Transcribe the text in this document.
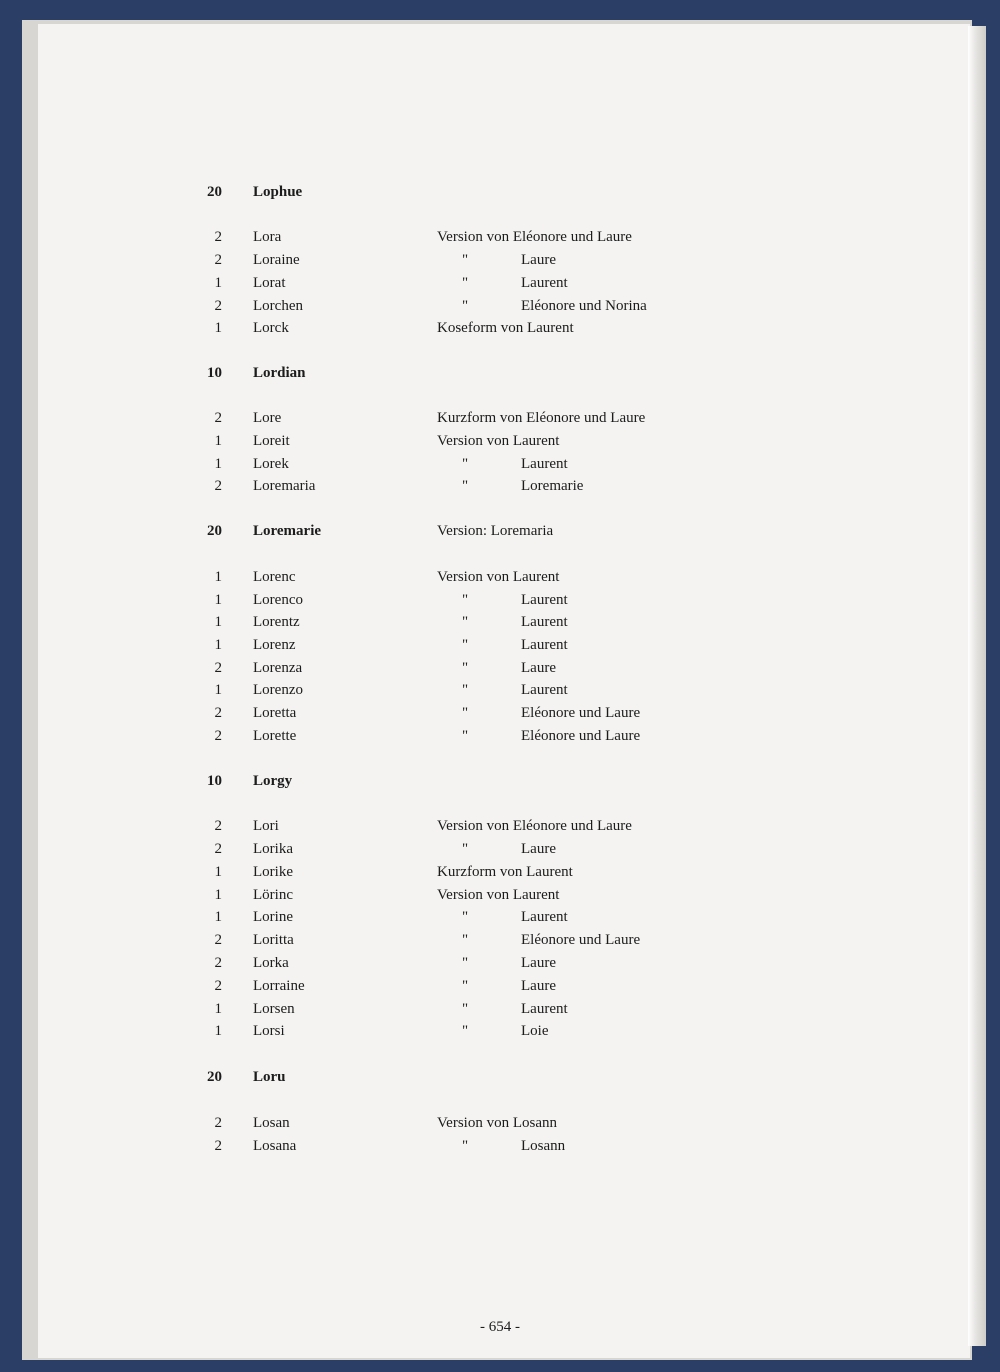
20 Lophue
2 Lora	Version von Eléonore und Laure
2 Loraine	"	Laure
1 Lorat	"	Laurent
2 Lorchen	"	Eléonore und Norina
1 Lorck	Koseform von Laurent
10 Lordian
2 Lore	Kurzform von Eléonore und Laure
1 Loreit	Version von Laurent
1 Lorek	"	Laurent
2 Loremaria	"	Loremarie
20 Loremarie	Version: Loremaria
1 Lorenc	Version von Laurent
1 Lorenco	"	Laurent
1 Lorentz	"	Laurent
1 Lorenz	"	Laurent
2 Lorenza	"	Laure
1 Lorenzo	"	Laurent
2 Loretta	"	Eléonore und Laure
2 Lorette	"	Eléonore und Laure
10 Lorgy
2 Lori	Version von Eléonore und Laure
2 Lorika	"	Laure
1 Lorike	Kurzform von Laurent
1 Lörinc	Version von Laurent
1 Lorine	"	Laurent
2 Loritta	"	Eléonore und Laure
2 Lorka	"	Laure
2 Lorraine	"	Laure
1 Lorsen	"	Laurent
1 Lorsi	"	Loie
20 Loru
2 Losan	Version von Losann
2 Losana	"	Losann
- 654 -
